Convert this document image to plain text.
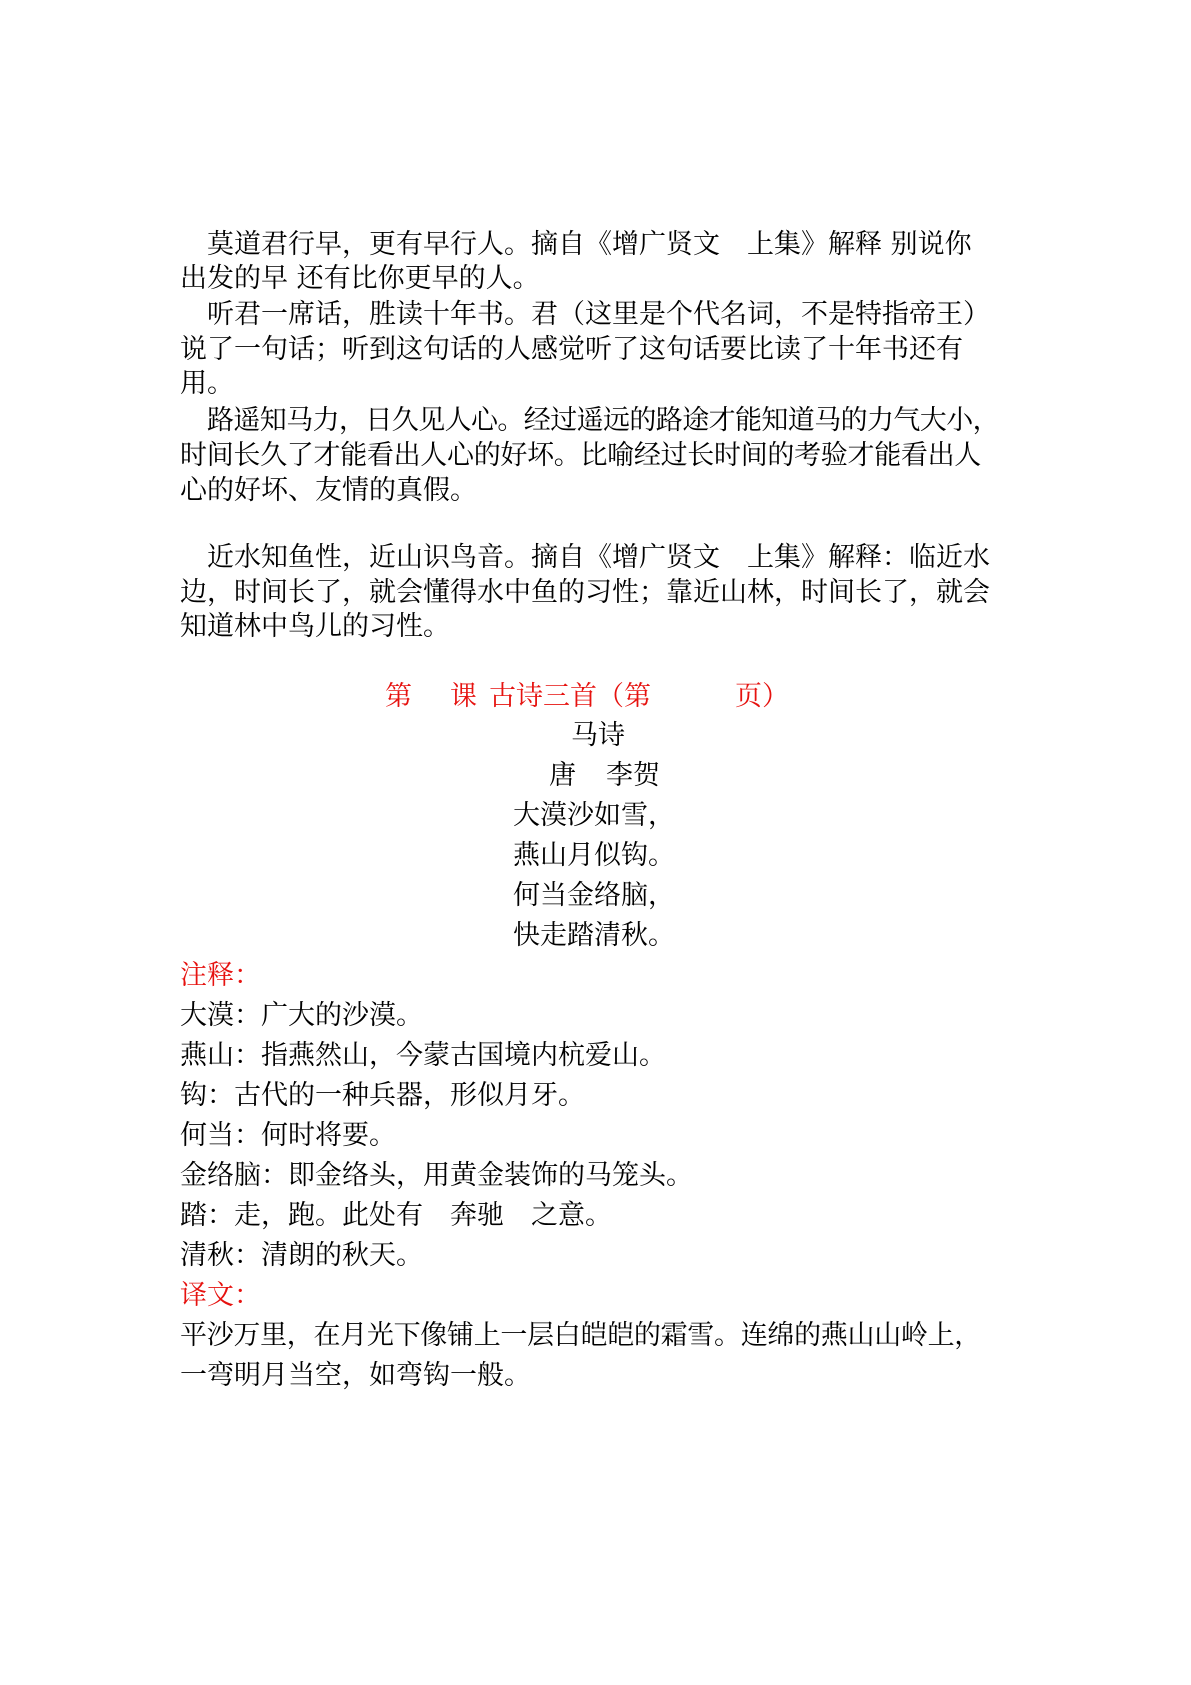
莫道君行早，更有早行人。摘自《增广贤文　上集》解释 别说你
出发的早 还有比你更早的人。
听君一席话，胜读十年书。君（这里是个代名词，不是特指帝王）
说了一句话；听到这句话的人感觉听了这句话要比读了十年书还有
用。
路遥知马力，日久见人心。经过遥远的路途才能知道马的力气大小，
时间长久了才能看出人心的好坏。比喻经过长时间的考验才能看出人
心的好坏、友情的真假。
近水知鱼性，近山识鸟音。摘自《增广贤文　上集》解释：临近水
边，时间长了，就会懂得水中鱼的习性；靠近山林，时间长了，就会
知道林中鸟儿的习性。
第 课 古诗三首（第	页）
马诗
唐 李贺
大漠沙如雪，
燕山月似钩。
何当金络脑，
快走踏清秋。
注释：
大漠：广大的沙漠。
燕山：指燕然山，今蒙古国境内杭爱山。
钩：古代的一种兵器，形似月牙。
何当：何时将要。
金络脑：即金络头，用黄金装饰的马笼头。
踏：走，跑。此处有　奔驰　之意。
清秋：清朗的秋天。
译文：
平沙万里，在月光下像铺上一层白皑皑的霜雪。连绵的燕山山岭上，
一弯明月当空，如弯钩一般。
